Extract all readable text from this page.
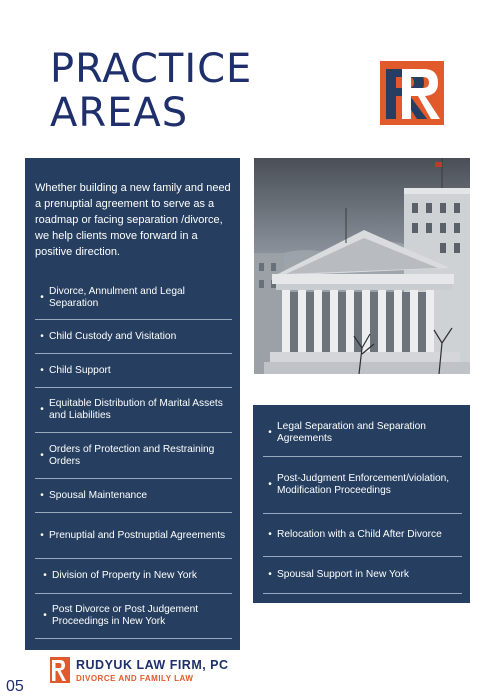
PRACTICE
AREAS
Whether building a new family and need a prenuptial agreement to serve as a roadmap or facing separation /divorce, we help clients move forward in a positive direction.
•
Divorce, Annulment and Legal Separation
• Child Custody and Visitation
• Child Support
•
Equitable Distribution of Marital Assets and Liabilities
•
Orders of Protection and Restraining Orders
• Spousal Maintenance
• Prenuptial and Postnuptial Agreements
• Division of Property in New York
•
Post Divorce or Post Judgement Proceedings in New York
•
Legal Separation and Separation Agreements
•
Post-Judgment Enforcement/violation, Modification Proceedings
• Relocation with a Child After Divorce
• Spousal Support in New York
RUDYUK LAW FIRM, PC
DIVORCE AND FAMILY LAW
05
